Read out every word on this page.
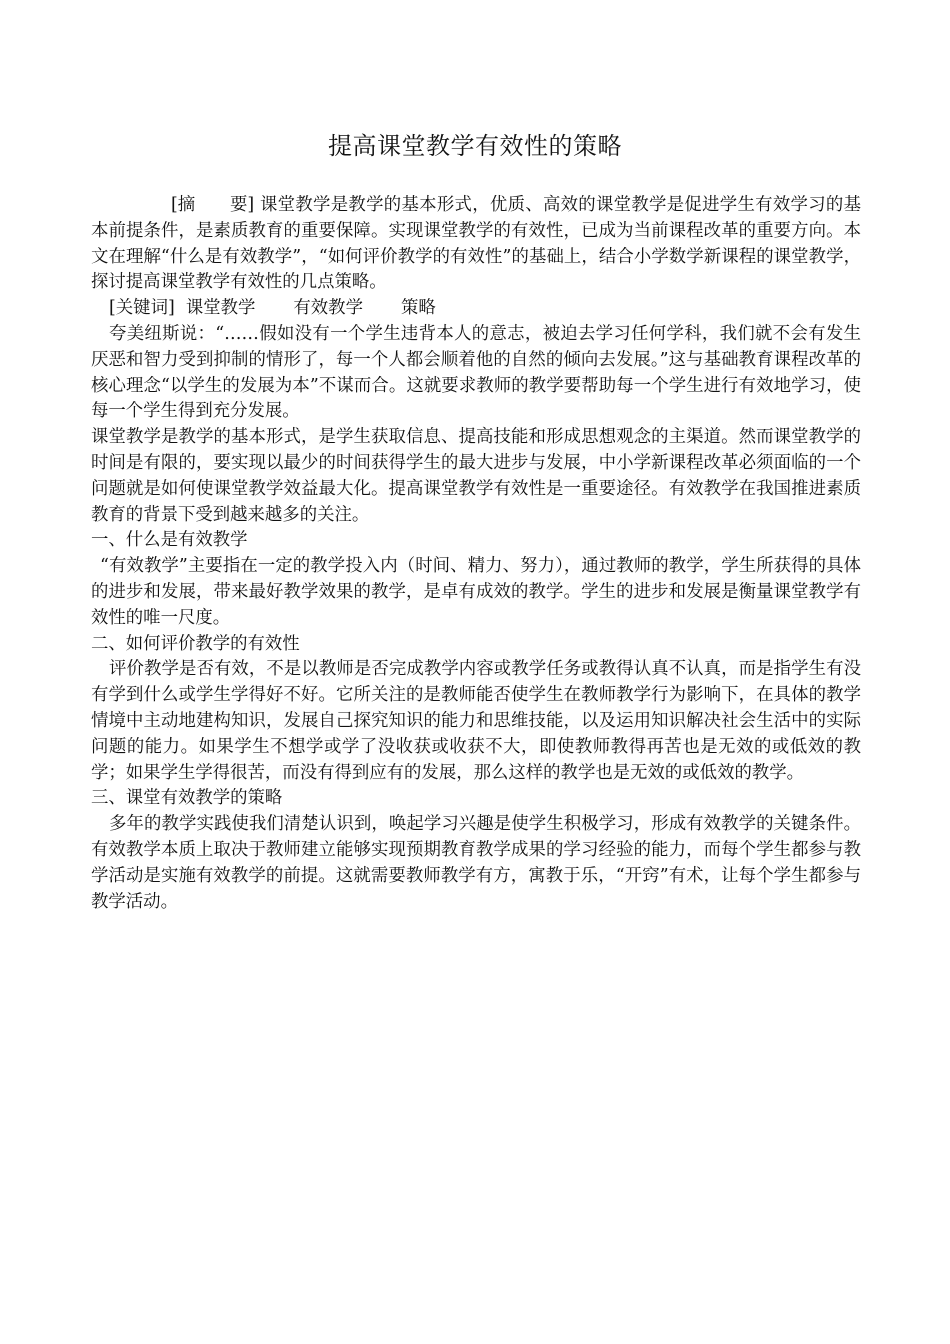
提高课堂教学有效性的策略

[摘　　要] 课堂教学是教学的基本形式，优质、高效的课堂教学是促进学生有效学习的基本前提条件，是素质教育的重要保障。实现课堂教学的有效性，已成为当前课程改革的重要方向。本文在理解“什么是有效教学”，“如何评价教学的有效性”的基础上，结合小学数学新课程的课堂教学，探讨提高课堂教学有效性的几点策略。

[关键词] 课堂教学 有效教学 策略

夸美纽斯说：“……假如没有一个学生违背本人的意志，被迫去学习任何学科，我们就不会有发生厌恶和智力受到抑制的情形了，每一个人都会顺着他的自然的倾向去发展。”这与基础教育课程改革的核心理念“以学生的发展为本”不谋而合。这就要求教师的教学要帮助每一个学生进行有效地学习，使每一个学生得到充分发展。

课堂教学是教学的基本形式，是学生获取信息、提高技能和形成思想观念的主渠道。然而课堂教学的时间是有限的，要实现以最少的时间获得学生的最大进步与发展，中小学新课程改革必须面临的一个问题就是如何使课堂教学效益最大化。提高课堂教学有效性是一重要途径。有效教学在我国推进素质教育的背景下受到越来越多的关注。

一、什么是有效教学

“有效教学”主要指在一定的教学投入内（时间、精力、努力），通过教师的教学，学生所获得的具体的进步和发展，带来最好教学效果的教学，是卓有成效的教学。学生的进步和发展是衡量课堂教学有效性的唯一尺度。

二、如何评价教学的有效性

评价教学是否有效，不是以教师是否完成教学内容或教学任务或教得认真不认真，而是指学生有没有学到什么或学生学得好不好。它所关注的是教师能否使学生在教师教学行为影响下，在具体的教学情境中主动地建构知识，发展自己探究知识的能力和思维技能，以及运用知识解决社会生活中的实际问题的能力。如果学生不想学或学了没收获或收获不大，即使教师教得再苦也是无效的或低效的教学；如果学生学得很苦，而没有得到应有的发展，那么这样的教学也是无效的或低效的教学。

三、课堂有效教学的策略

多年的教学实践使我们清楚认识到，唤起学习兴趣是使学生积极学习，形成有效教学的关键条件。有效教学本质上取决于教师建立能够实现预期教育教学成果的学习经验的能力，而每个学生都参与教学活动是实施有效教学的前提。这就需要教师教学有方，寓教于乐，“开窍”有术，让每个学生都参与教学活动。
